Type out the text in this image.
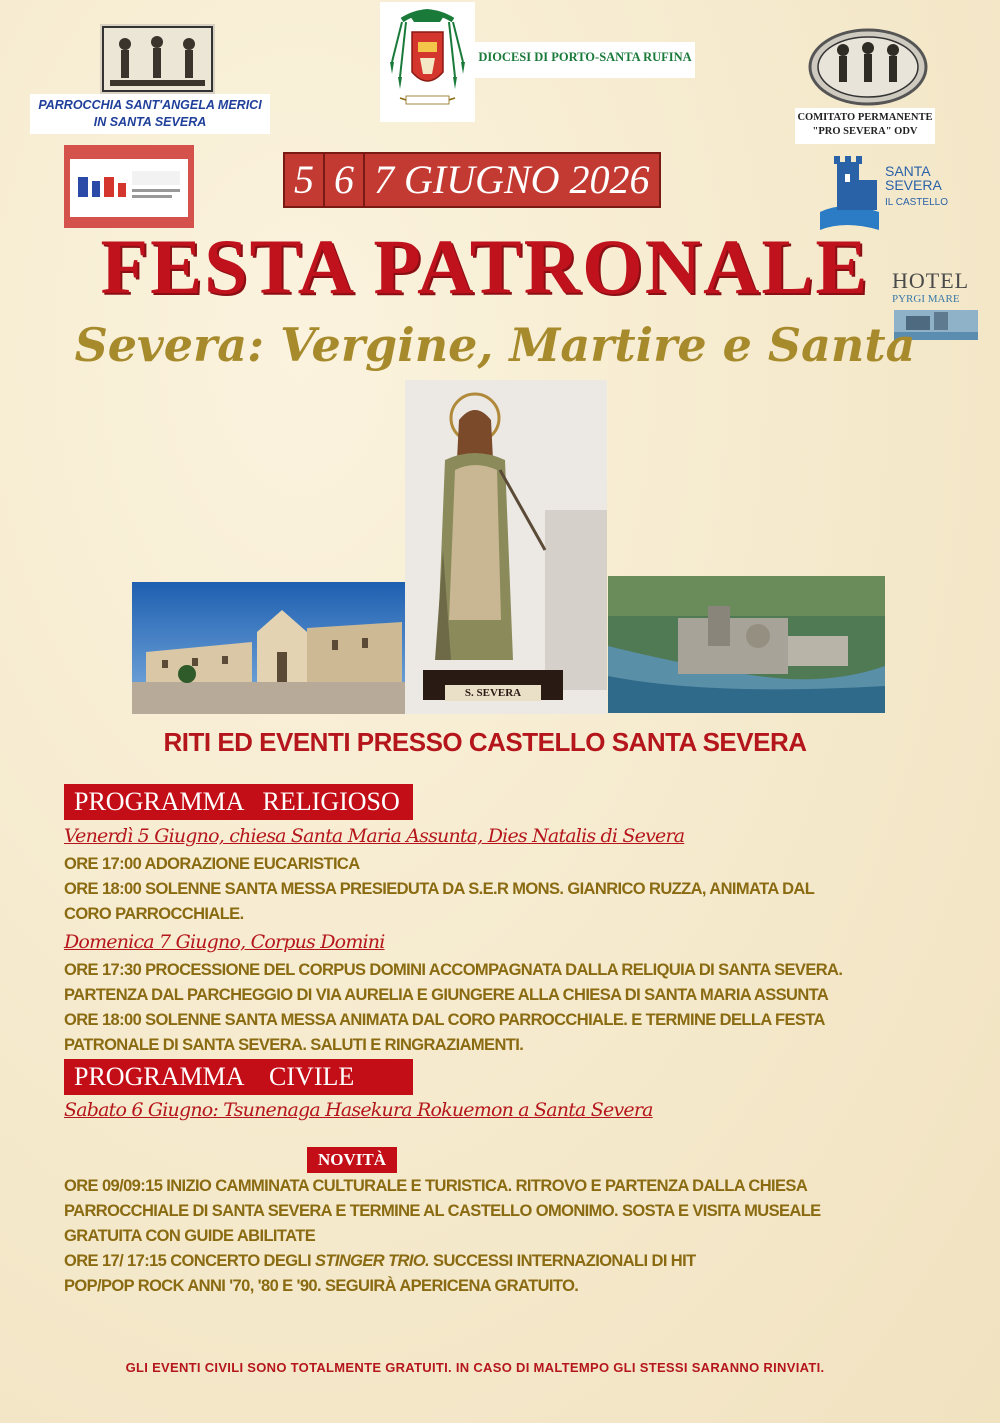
PARROCCHIA SANT'ANGELA MERICI
IN SANTA SEVERA
DIOCESI DI PORTO-SANTA RUFINA
COMITATO PERMANENTE
"PRO SEVERA" ODV
5 6 7 GIUGNO 2026	SANTA
SEVERA
IL CASTELLO
HOTEL
PYRGI MARE
FESTA PATRONALE
Severa: Vergine, Martire e Santa
S. SEVERA
RITI ED EVENTI PRESSO CASTELLO SANTA SEVERA
PROGRAMMA   RELIGIOSO
Venerdì 5 Giugno, chiesa Santa Maria Assunta, Dies Natalis di Severa
ORE 17:00 ADORAZIONE EUCARISTICA
ORE 18:00 SOLENNE SANTA MESSA PRESIEDUTA DA S.E.R MONS. GIANRICO RUZZA, ANIMATA DAL
CORO PARROCCHIALE.
Domenica 7 Giugno, Corpus Domini
ORE 17:30 PROCESSIONE DEL CORPUS DOMINI ACCOMPAGNATA DALLA RELIQUIA DI SANTA SEVERA.
PARTENZA DAL PARCHEGGIO DI VIA AURELIA E GIUNGERE ALLA CHIESA DI SANTA MARIA ASSUNTA
ORE 18:00 SOLENNE SANTA MESSA ANIMATA DAL CORO PARROCCHIALE. E TERMINE DELLA FESTA
PATRONALE DI SANTA SEVERA. SALUTI E RINGRAZIAMENTI.
PROGRAMMA    CIVILE
Sabato 6 Giugno: Tsunenaga Hasekura Rokuemon a Santa Severa
NOVITÀ
ORE 09/09:15 INIZIO CAMMINATA CULTURALE E TURISTICA. RITROVO E PARTENZA DALLA CHIESA
PARROCCHIALE DI SANTA SEVERA E TERMINE AL CASTELLO OMONIMO. SOSTA E VISITA MUSEALE
GRATUITA CON GUIDE ABILITATE
ORE 17/ 17:15 CONCERTO DEGLI STINGER TRIO. SUCCESSI INTERNAZIONALI DI HIT
POP/POP ROCK ANNI '70, '80 E '90. SEGUIRÀ APERICENA GRATUITO.
GLI EVENTI CIVILI SONO TOTALMENTE GRATUITI. IN CASO DI MALTEMPO GLI STESSI SARANNO RINVIATI.
